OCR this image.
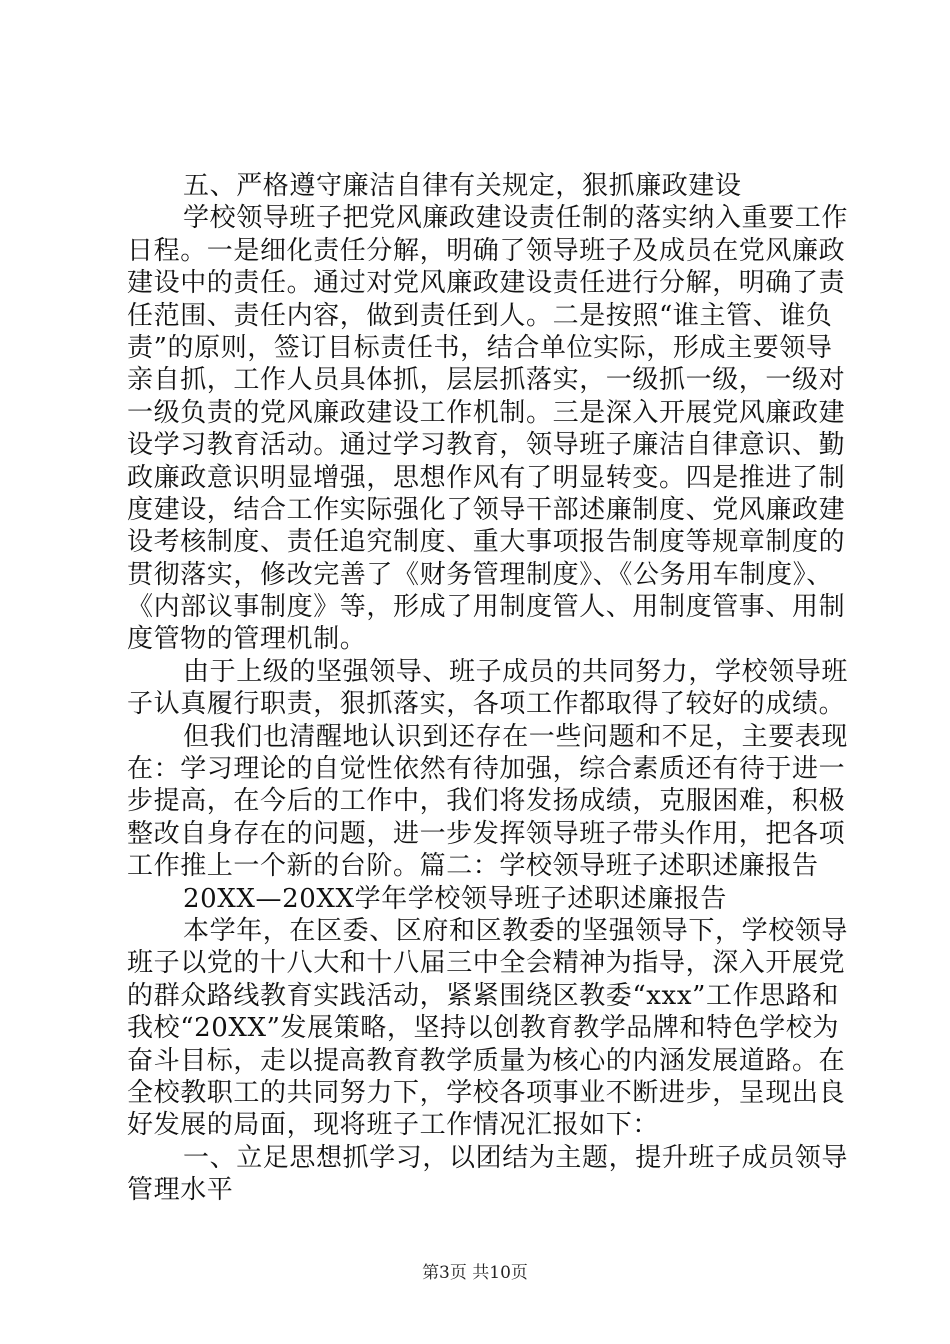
五、严格遵守廉洁自律有关规定，狠抓廉政建设
学校领导班子把党风廉政建设责任制的落实纳入重要工作
日程。一是细化责任分解，明确了领导班子及成员在党风廉政
建设中的责任。通过对党风廉政建设责任进行分解，明确了责
任范围、责任内容，做到责任到人。二是按照“谁主管、谁负
责”的原则，签订目标责任书，结合单位实际，形成主要领导
亲自抓，工作人员具体抓，层层抓落实，一级抓一级，一级对
一级负责的党风廉政建设工作机制。三是深入开展党风廉政建
设学习教育活动。通过学习教育，领导班子廉洁自律意识、勤
政廉政意识明显增强，思想作风有了明显转变。四是推进了制
度建设，结合工作实际强化了领导干部述廉制度、党风廉政建
设考核制度、责任追究制度、重大事项报告制度等规章制度的
贯彻落实，修改完善了《财务管理制度》、《公务用车制度》、
《内部议事制度》等，形成了用制度管人、用制度管事、用制
度管物的管理机制。
由于上级的坚强领导、班子成员的共同努力，学校领导班
子认真履行职责，狠抓落实，各项工作都取得了较好的成绩。
但我们也清醒地认识到还存在一些问题和不足，主要表现
在：学习理论的自觉性依然有待加强，综合素质还有待于进一
步提高，在今后的工作中，我们将发扬成绩，克服困难，积极
整改自身存在的问题，进一步发挥领导班子带头作用，把各项
工作推上一个新的台阶。篇二：学校领导班子述职述廉报告
20XX—20XX学年学校领导班子述职述廉报告
本学年，在区委、区府和区教委的坚强领导下，学校领导
班子以党的十八大和十八届三中全会精神为指导，深入开展党
的群众路线教育实践活动，紧紧围绕区教委“xxx”工作思路和
我校“20XX”发展策略，坚持以创教育教学品牌和特色学校为
奋斗目标，走以提高教育教学质量为核心的内涵发展道路。在
全校教职工的共同努力下，学校各项事业不断进步，呈现出良
好发展的局面，现将班子工作情况汇报如下：
一、立足思想抓学习，以团结为主题，提升班子成员领导
管理水平
第3页 共10页
